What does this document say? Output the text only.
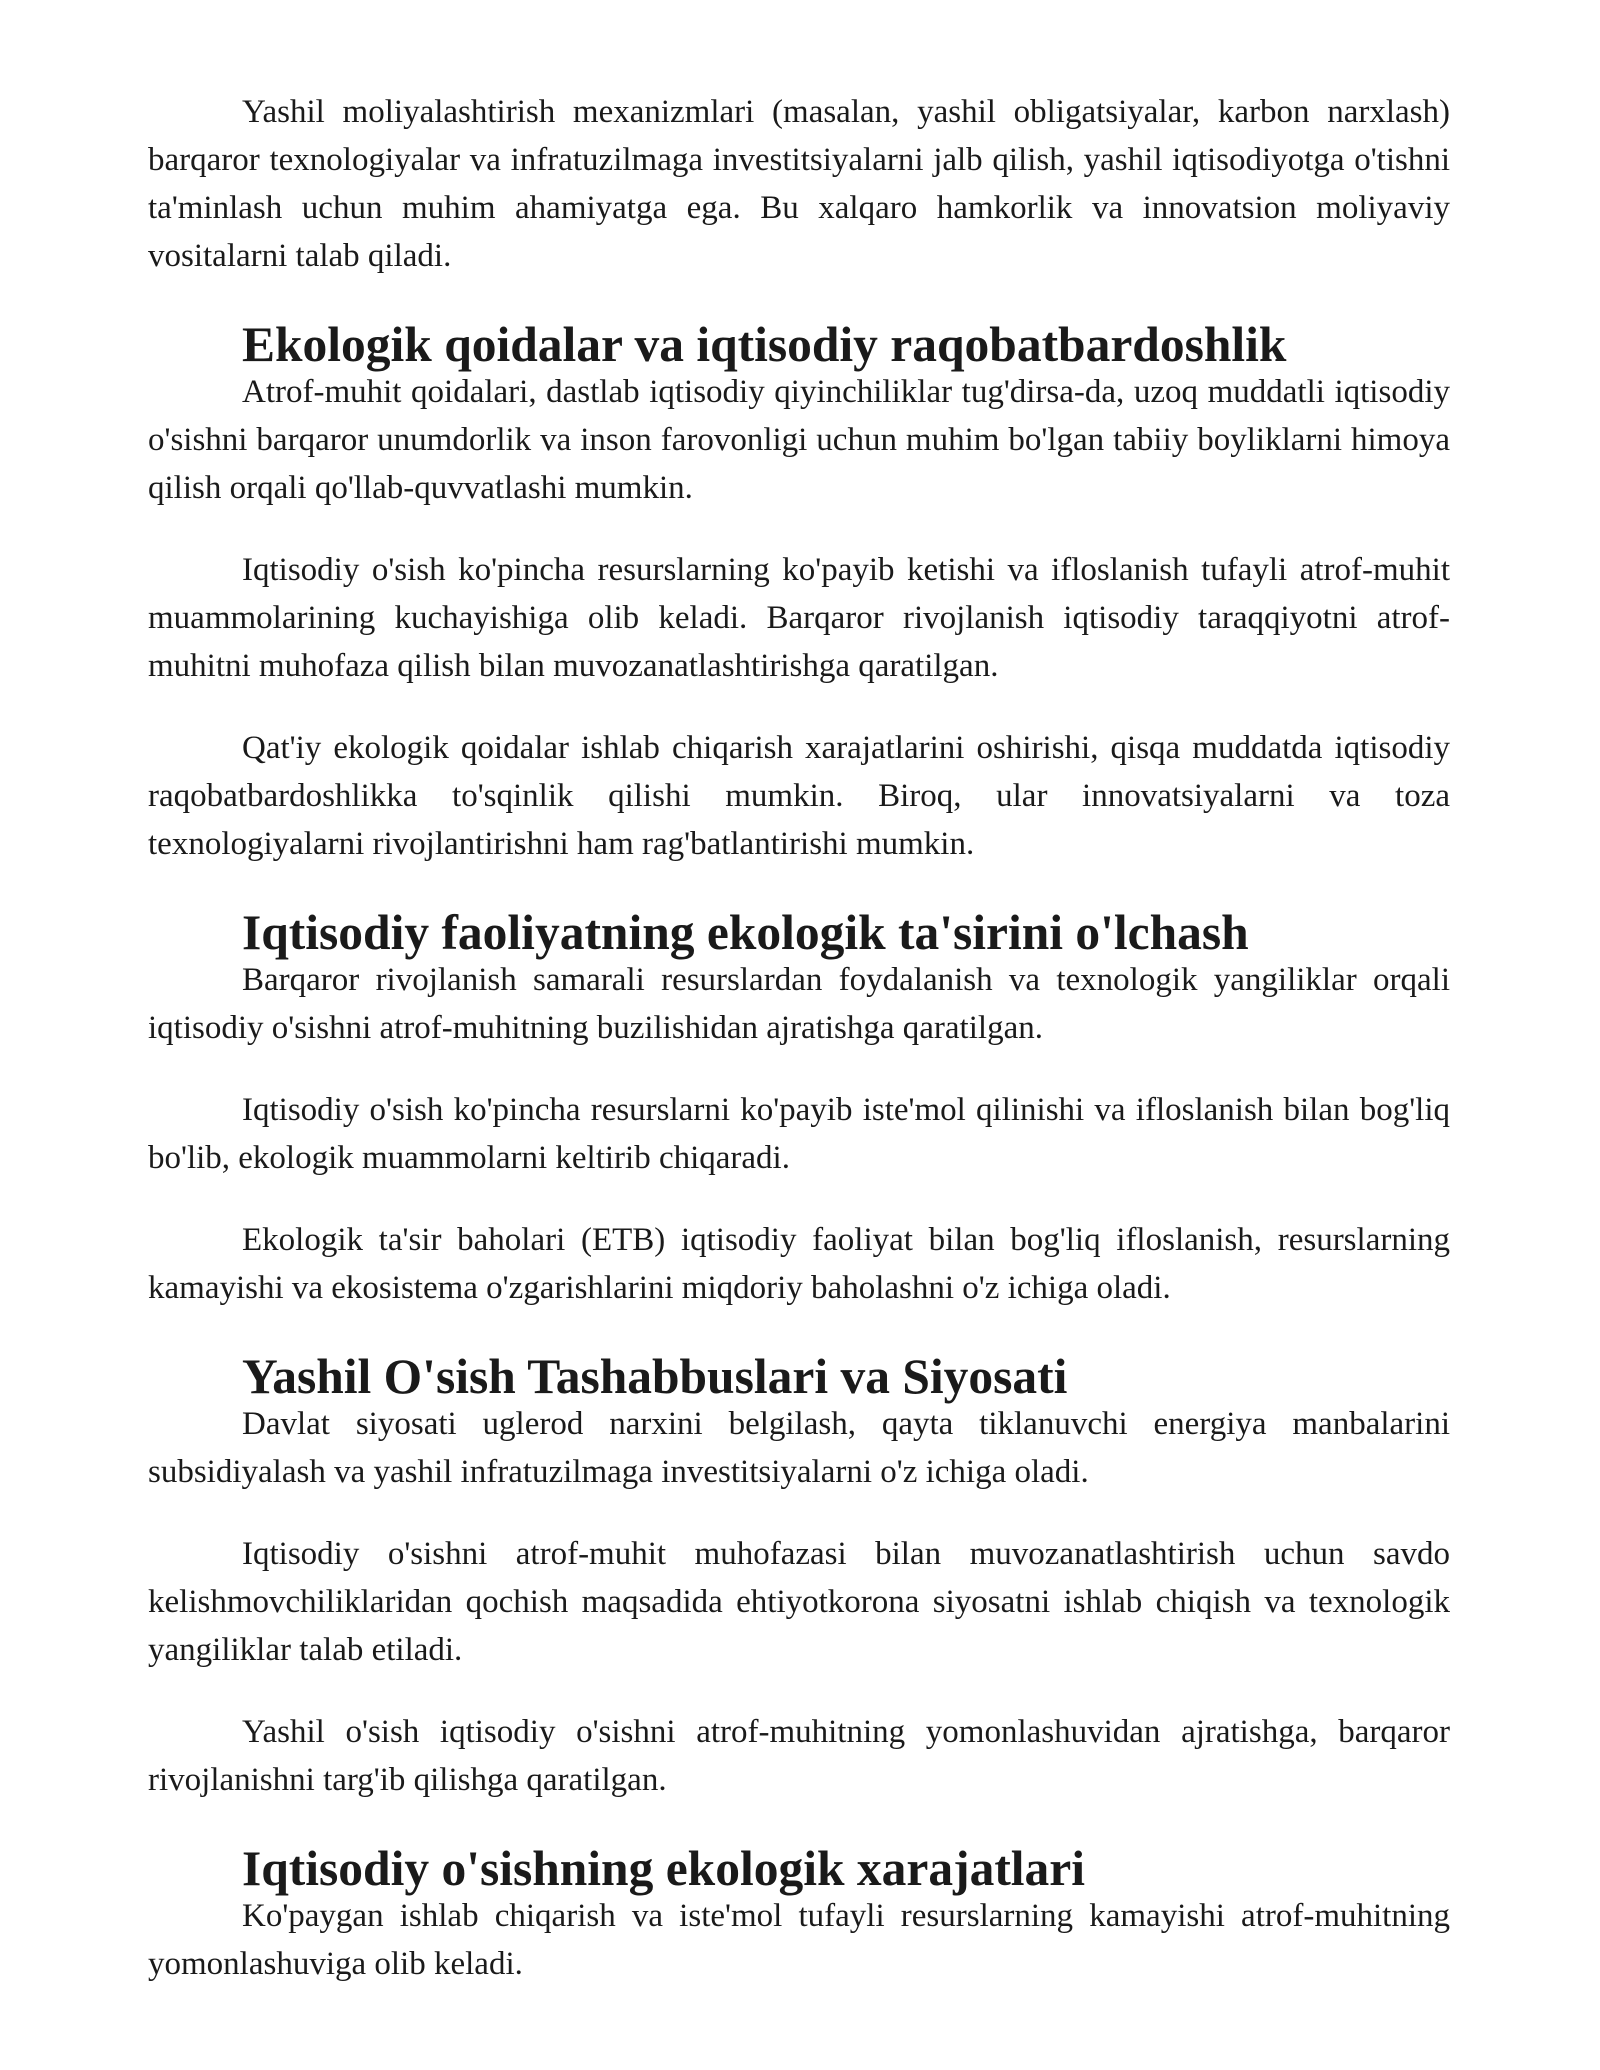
Yashil moliyalashtirish mexanizmlari (masalan, yashil obligatsiyalar, karbon narxlash) barqaror texnologiyalar va infratuzilmaga investitsiyalarni jalb qilish, yashil iqtisodiyotga o'tishni ta'minlash uchun muhim ahamiyatga ega. Bu xalqaro hamkorlik va innovatsion moliyaviy vositalarni talab qiladi.

Ekologik qoidalar va iqtisodiy raqobatbardoshlik

Atrof-muhit qoidalari, dastlab iqtisodiy qiyinchiliklar tug'dirsa-da, uzoq muddatli iqtisodiy o'sishni barqaror unumdorlik va inson farovonligi uchun muhim bo'lgan tabiiy boyliklarni himoya qilish orqali qo'llab-quvvatlashi mumkin.

Iqtisodiy o'sish ko'pincha resurslarning ko'payib ketishi va ifloslanish tufayli atrof-muhit muammolarining kuchayishiga olib keladi. Barqaror rivojlanish iqtisodiy taraqqiyotni atrof-muhitni muhofaza qilish bilan muvozanatlashtirishga qaratilgan.

Qat'iy ekologik qoidalar ishlab chiqarish xarajatlarini oshirishi, qisqa muddatda iqtisodiy raqobatbardoshlikka to'sqinlik qilishi mumkin. Biroq, ular innovatsiyalarni va toza texnologiyalarni rivojlantirishni ham rag'batlantirishi mumkin.

Iqtisodiy faoliyatning ekologik ta'sirini o'lchash

Barqaror rivojlanish samarali resurslardan foydalanish va texnologik yangiliklar orqali iqtisodiy o'sishni atrof-muhitning buzilishidan ajratishga qaratilgan.

Iqtisodiy o'sish ko'pincha resurslarni ko'payib iste'mol qilinishi va ifloslanish bilan bog'liq bo'lib, ekologik muammolarni keltirib chiqaradi.

Ekologik ta'sir baholari (ETB) iqtisodiy faoliyat bilan bog'liq ifloslanish, resurslarning kamayishi va ekosistema o'zgarishlarini miqdoriy baholashni o'z ichiga oladi.

Yashil O'sish Tashabbuslari va Siyosati

Davlat siyosati uglerod narxini belgilash, qayta tiklanuvchi energiya manbalarini subsidiyalash va yashil infratuzilmaga investitsiyalarni o'z ichiga oladi.

Iqtisodiy o'sishni atrof-muhit muhofazasi bilan muvozanatlashtirish uchun savdo kelishmovchiliklaridan qochish maqsadida ehtiyotkorona siyosatni ishlab chiqish va texnologik yangiliklar talab etiladi.

Yashil o'sish iqtisodiy o'sishni atrof-muhitning yomonlashuvidan ajratishga, barqaror rivojlanishni targ'ib qilishga qaratilgan.

Iqtisodiy o'sishning ekologik xarajatlari

Ko'paygan ishlab chiqarish va iste'mol tufayli resurslarning kamayishi atrof-muhitning yomonlashuviga olib keladi.
